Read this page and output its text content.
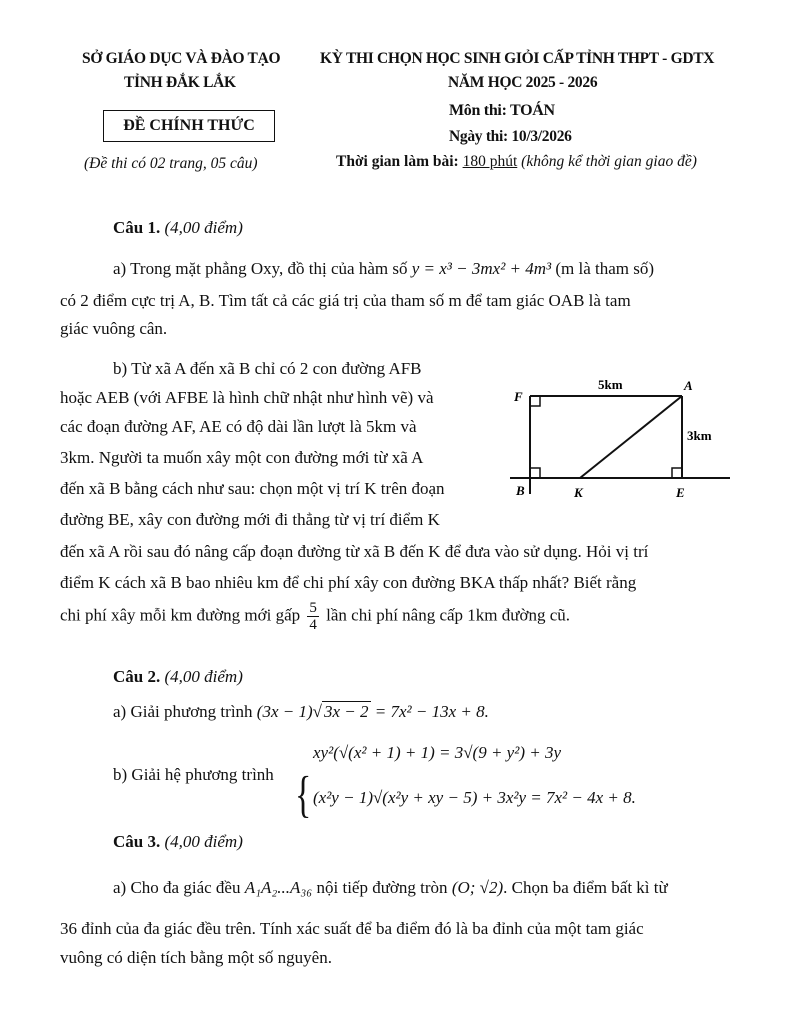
SỞ GIÁO DỤC VÀ ĐÀO TẠO
TỈNH ĐẮK LẮK
KỲ THI CHỌN HỌC SINH GIỎI CẤP TỈNH THPT - GDTX
NĂM HỌC 2025 - 2026
ĐỀ CHÍNH THỨC
(Đề thi có 02 trang, 05 câu)
Môn thi: TOÁN
Ngày thi: 10/3/2026
Thời gian làm bài: 180 phút (không kể thời gian giao đề)
Câu 1. (4,00 điểm)
a) Trong mặt phẳng Oxy, đồ thị của hàm số y = x³ − 3mx² + 4m³ (m là tham số)
có 2 điểm cực trị A, B. Tìm tất cả các giá trị của tham số m để tam giác OAB là tam
giác vuông cân.
b) Từ xã A đến xã B chỉ có 2 con đường AFB
hoặc AEB (với AFBE là hình chữ nhật như hình vẽ) và
các đoạn đường AF, AE có độ dài lần lượt là 5km và
3km. Người ta muốn xây một con đường mới từ xã A
đến xã B bằng cách như sau: chọn một vị trí K trên đoạn
đường BE, xây con đường mới đi thẳng từ vị trí điểm K
đến xã A rồi sau đó nâng cấp đoạn đường từ xã B đến K để đưa vào sử dụng. Hỏi vị trí
điểm K cách xã B bao nhiêu km để chi phí xây con đường BKA thấp nhất? Biết rằng
chi phí xây mỗi km đường mới gấp $\frac{5}{4}$ lần chi phí nâng cấp 1km đường cũ.
F
A
B	K	E
5km
3km
Câu 2. (4,00 điểm)
a) Giải phương trình (3x − 1)√ 3x − 2 = 7x² − 13x + 8.
b) Giải hệ phương trình {
xy²(√(x² + 1) + 1) = 3√(9 + y²) + 3y
(x²y − 1)√(x²y + xy − 5) + 3x²y = 7x² − 4x + 8.
Câu 3. (4,00 điểm)
a) Cho đa giác đều A₁A₂...A₃₆ nội tiếp đường tròn (O; √2). Chọn ba điểm bất kì từ
36 đỉnh của đa giác đều trên. Tính xác suất để ba điểm đó là ba đỉnh của một tam giác
vuông có diện tích bằng một số nguyên.
